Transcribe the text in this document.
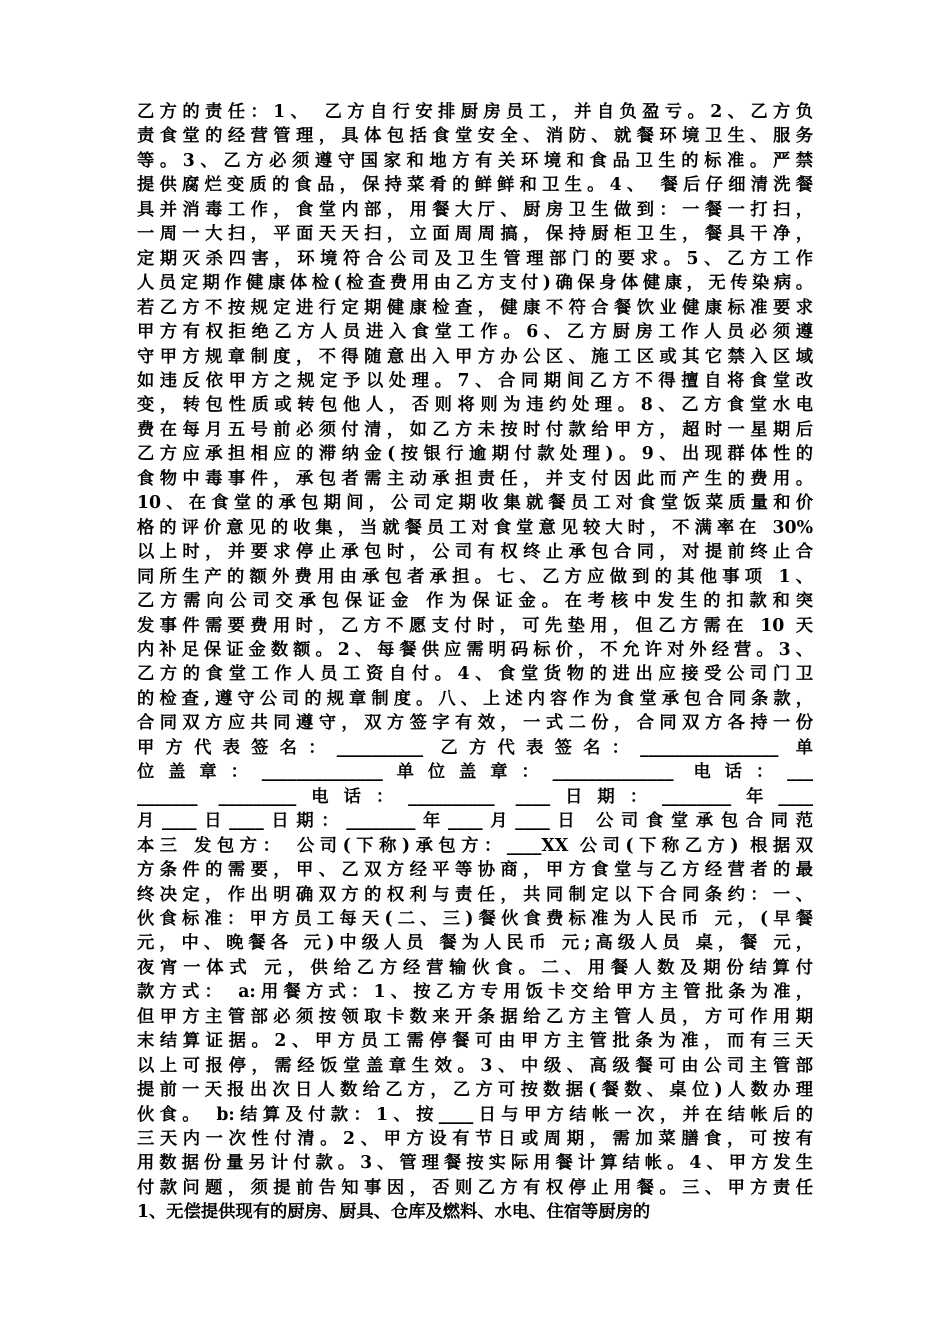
乙方的责任：1、 乙方自行安排厨房员工，并自负盈亏。2、乙方负

责食堂的经营管理，具体包括食堂安全、消防、就餐环境卫生、服务

等。3、乙方必须遵守国家和地方有关环境和食品卫生的标准。严禁

提供腐烂变质的食品，保持菜肴的鲜鲜和卫生。4、 餐后仔细清洗餐

具并消毒工作，食堂内部，用餐大厅、厨房卫生做到：一餐一打扫，

一周一大扫，平面天天扫，立面周周搞，保持厨柜卫生，餐具干净，

定期灭杀四害，环境符合公司及卫生管理部门的要求。5、乙方工作

人员定期作健康体检(检查费用由乙方支付)确保身体健康，无传染病。

若乙方不按规定进行定期健康检查，健康不符合餐饮业健康标准要求

甲方有权拒绝乙方人员进入食堂工作。6、乙方厨房工作人员必须遵

守甲方规章制度，不得随意出入甲方办公区、施工区或其它禁入区域

如违反依甲方之规定予以处理。7、合同期间乙方不得擅自将食堂改

变，转包性质或转包他人，否则将则为违约处理。8、乙方食堂水电

费在每月五号前必须付清，如乙方未按时付款给甲方，超时一星期后

乙方应承担相应的滞纳金(按银行逾期付款处理)。9、出现群体性的

食物中毒事件，承包者需主动承担责任，并支付因此而产生的费用。

10、在食堂的承包期间，公司定期收集就餐员工对食堂饭菜质量和价

格的评价意见的收集，当就餐员工对食堂意见较大时，不满率在 30%

以上时，并要求停止承包时，公司有权终止承包合同，对提前终止合

同所生产的额外费用由承包者承担。七、乙方应做到的其他事项 1、

乙方需向公司交承包保证金 作为保证金。在考核中发生的扣款和突

发事件需要费用时，乙方不愿支付时，可先垫用，但乙方需在 10 天

内补足保证金数额。2、每餐供应需明码标价，不允许对外经营。3、

乙方的食堂工作人员工资自付。4、食堂货物的进出应接受公司门卫

的检查,遵守公司的规章制度。八、上述内容作为食堂承包合同条款，

合同双方应共同遵守，双方签字有效，一式二份，合同双方各持一份

甲方代表签名：__________ 乙方代表签名：________________ 单

位盖章：______________单位盖章：______________ 电话：___

_______ _________电话：__________ ____日期：________年____

月____日____日期：________年____月____日 公司食堂承包合同范

本三 发包方： 公司(下称)承包方：____XX 公司(下称乙方) 根据双

方条件的需要，甲、乙双方经平等协商，甲方食堂与乙方经营者的最

终决定，作出明确双方的权利与责任，共同制定以下合同条约：一、

伙食标准：甲方员工每天(二、三)餐伙食费标准为人民币 元，(早餐

元，中、晚餐各 元)中级人员 餐为人民币 元;高级人员 桌，餐 元，

夜宵一体式 元，供给乙方经营输伙食。二、用餐人数及期份结算付

款方式： a:用餐方式：1、按乙方专用饭卡交给甲方主管批条为准，

但甲方主管部必须按领取卡数来开条据给乙方主管人员，方可作用期

末结算证据。2、甲方员工需停餐可由甲方主管批条为准，而有三天

以上可报停，需经饭堂盖章生效。3、中级、高级餐可由公司主管部

提前一天报出次日人数给乙方，乙方可按数据(餐数、桌位)人数办理

伙食。 b:结算及付款：1、按____日与甲方结帐一次，并在结帐后的

三天内一次性付清。2、甲方设有节日或周期，需加菜膳食，可按有

用数据份量另计付款。3、管理餐按实际用餐计算结帐。4、甲方发生

付款问题，须提前告知事因，否则乙方有权停止用餐。三、甲方责任

1、无偿提供现有的厨房、厨具、仓库及燃料、水电、住宿等厨房的
